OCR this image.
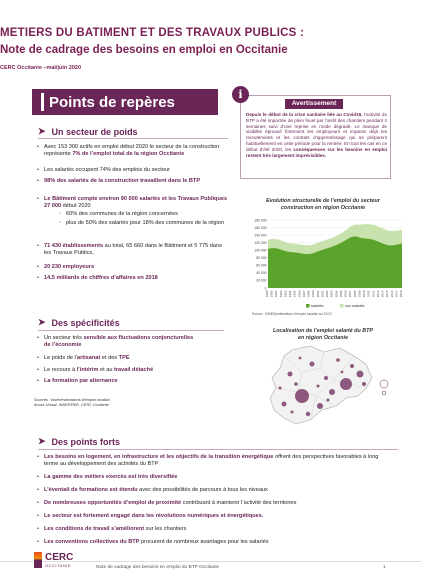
METIERS DU BATIMENT ET DES TRAVAUX PUBLICS :
Note de cadrage des besoins en emploi en Occitanie
CERC Occitanie –mai/juin 2020
Points de repères	i
Avertissement
Depuis le début de la crise sanitaire liée au Covid19, l’activité du BTP a été impactée de plein fouet par l’arrêt des chantiers pendant 4 semaines suivi d’une reprise en mode dégradé. Le manque de visibilité éprouvé fortement les employeurs et impacte déjà les recrutements et les contrats d’apprentissage qui se préparent habituellement en cette période pour la rentrée. En tout les cas en ce début d’été 2020, les conséquences sur les besoins en emploi restent très largement imprévisibles.
➤ Un secteur de poids
• Avec 153 300 actifs en emploi début 2020 le secteur de la construction représente 7% de l’emploi total de la région Occitanie
• Les salariés occupent 74% des emplois du secteur
• 98% des salariés de la construction travaillent dans le BTP
• Le Bâtiment compte environ 90 000 salariés et les Travaux Publiques 27 000 début 2020
◦ 60% des communes de la région concernées
◦ plus de 50% des salariés pour 18% des communes de la région
• 71 430 établissements au total, 65 660 dans le Bâtiment et 5 775 dans les Travaux Publics,
• 20 230 employeurs
• 14,5 milliards de chiffres d’affaires en 2018
Evolution structurelle de l’emploi du secteur
construction en région Occitanie
0
20 000
40 000
60 000
80 000
100 000
120 000
140 000
160 000
180 000
1989 1990 1991 1992 1993 1994 1995 1996 1997 1998 1999 2000 2001 2002 2003 2004 2005 2006 2007 2008 2009 2010 2011 2012 2013 2014 2015 2016 2017 2018
salariés	non salariés
Source : INSEE(estimations d’emploi localisé au 31/12
➤ Des spécificités
• Un secteur très sensible aux fluctuations conjoncturelles de l’économie
• Le poids de l’artisanat et des TPE
• Le recours à l’intérim et au travail détaché
• La formation par alternance
Sources : Insee/estimations d’emploi localisé, Acoss-Urssaf, INSEE/REE, CERC Occitanie
Localisation de l’emploi salarié du BTP
en région Occitanie
➤ Des points forts
• Les besoins en logement, en infrastructure et les objectifs de la transition énergétique offrent des perspectives favorables à long terme au développement des activités du BTP
• La gamme des métiers exercés est très diversifiée
• L’éventail de formations est étendu avec des possibilités de parcours à tous les niveaux
• De nombreuses opportunités d’emploi de proximité contribuant à maintenir l’activité des territoires
• Le secteur est fortement engagé dans les révolutions numériques et énergétiques.
• Les conditions de travail s’améliorent sur les chantiers
• Les conventions collectives du BTP procurent de nombreux avantages pour les salariés
CERC
OCCITANIE	Note de cadrage des besoins en emploi du BTP Occitanie	1
